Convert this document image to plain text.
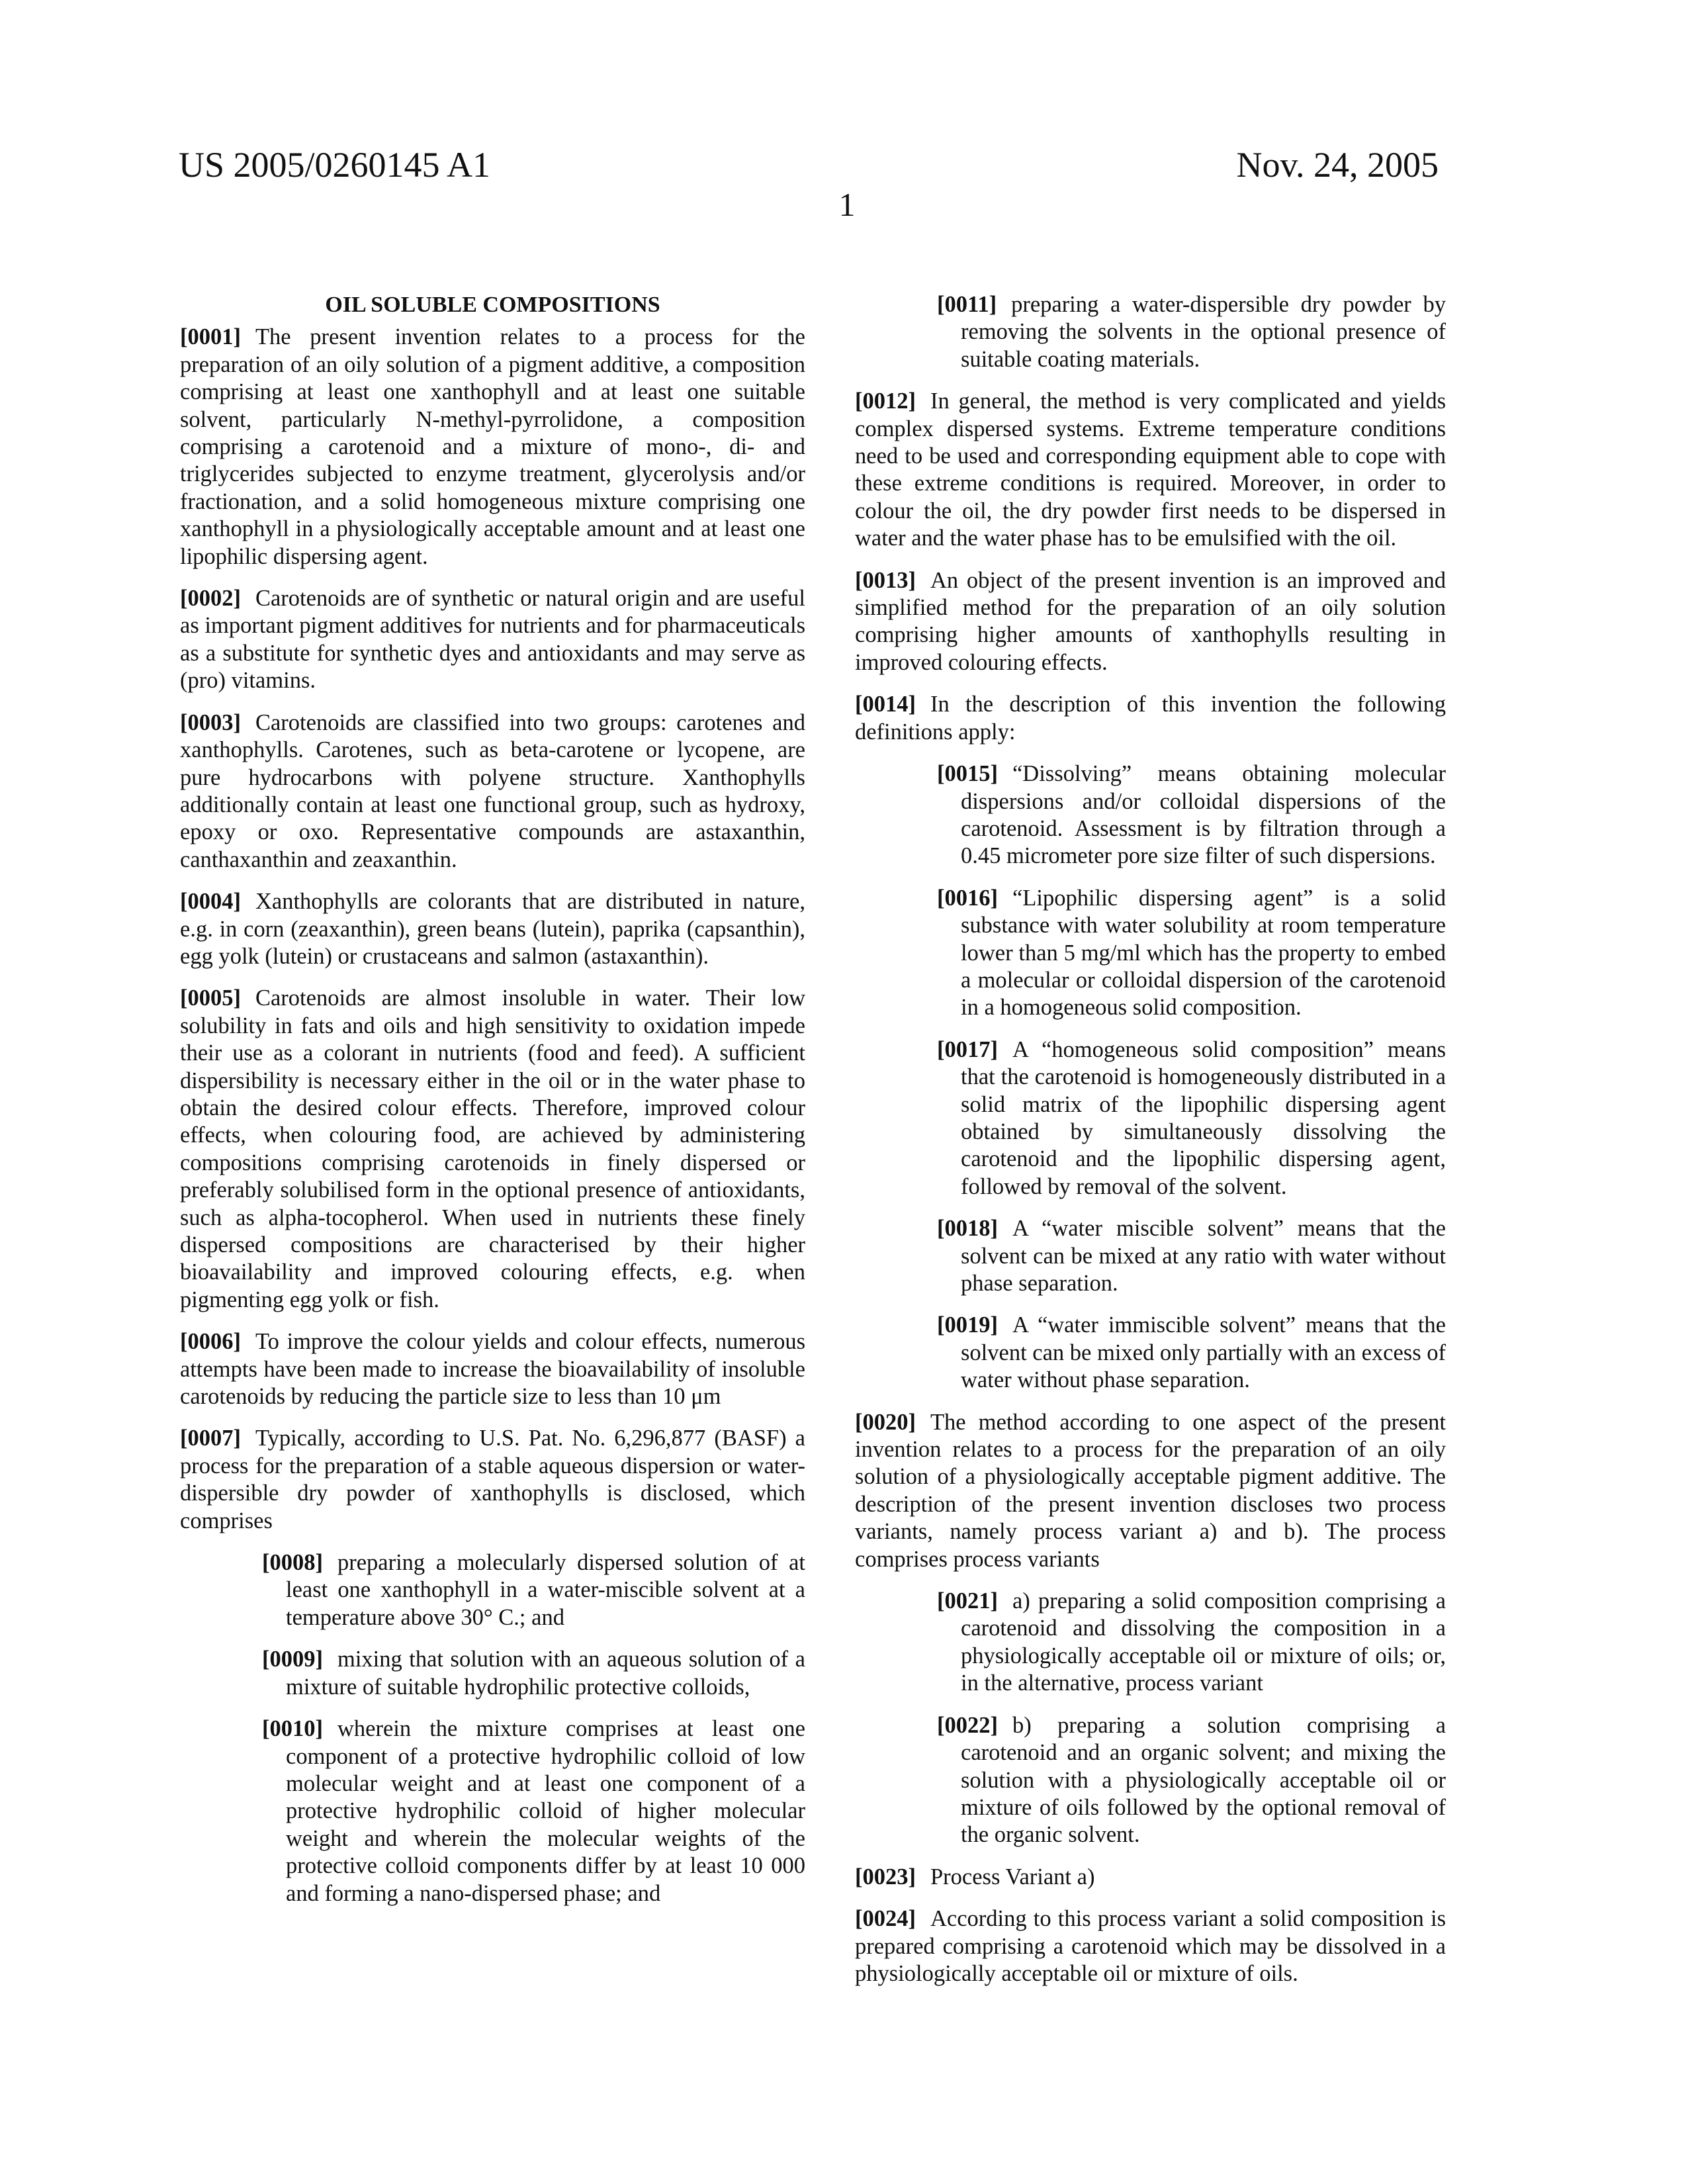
US 2005/0260145 A1	Nov. 24, 2005
1
OIL SOLUBLE COMPOSITIONS
[0001] The present invention relates to a process for the preparation of an oily solution of a pigment additive, a composition comprising at least one xanthophyll and at least one suitable solvent, particularly N-methyl-pyrrolidone, a composition comprising a carotenoid and a mixture of mono-, di- and triglycerides subjected to enzyme treatment, glycerolysis and/or fractionation, and a solid homogeneous mixture comprising one xanthophyll in a physiologically acceptable amount and at least one lipophilic dispersing agent.
[0002] Carotenoids are of synthetic or natural origin and are useful as important pigment additives for nutrients and for pharmaceuticals as a substitute for synthetic dyes and antioxidants and may serve as (pro) vitamins.
[0003] Carotenoids are classified into two groups: carotenes and xanthophylls. Carotenes, such as beta-carotene or lycopene, are pure hydrocarbons with polyene structure. Xanthophylls additionally contain at least one functional group, such as hydroxy, epoxy or oxo. Representative compounds are astaxanthin, canthaxanthin and zeaxanthin.
[0004] Xanthophylls are colorants that are distributed in nature, e.g. in corn (zeaxanthin), green beans (lutein), paprika (capsanthin), egg yolk (lutein) or crustaceans and salmon (astaxanthin).
[0005] Carotenoids are almost insoluble in water. Their low solubility in fats and oils and high sensitivity to oxidation impede their use as a colorant in nutrients (food and feed). A sufficient dispersibility is necessary either in the oil or in the water phase to obtain the desired colour effects. Therefore, improved colour effects, when colouring food, are achieved by administering compositions comprising carotenoids in finely dispersed or preferably solubilised form in the optional presence of antioxidants, such as alpha-tocopherol. When used in nutrients these finely dispersed compositions are characterised by their higher bioavailability and improved colouring effects, e.g. when pigmenting egg yolk or fish.
[0006] To improve the colour yields and colour effects, numerous attempts have been made to increase the bioavailability of insoluble carotenoids by reducing the particle size to less than 10 μm
[0007] Typically, according to U.S. Pat. No. 6,296,877 (BASF) a process for the preparation of a stable aqueous dispersion or water-dispersible dry powder of xanthophylls is disclosed, which comprises
[0008] preparing a molecularly dispersed solution of at least one xanthophyll in a water-miscible solvent at a temperature above 30° C.; and
[0009] mixing that solution with an aqueous solution of a mixture of suitable hydrophilic protective colloids,
[0010] wherein the mixture comprises at least one component of a protective hydrophilic colloid of low molecular weight and at least one component of a protective hydrophilic colloid of higher molecular weight and wherein the molecular weights of the protective colloid components differ by at least 10 000 and forming a nano-dispersed phase; and
[0011] preparing a water-dispersible dry powder by removing the solvents in the optional presence of suitable coating materials.
[0012] In general, the method is very complicated and yields complex dispersed systems. Extreme temperature conditions need to be used and corresponding equipment able to cope with these extreme conditions is required. Moreover, in order to colour the oil, the dry powder first needs to be dispersed in water and the water phase has to be emulsified with the oil.
[0013] An object of the present invention is an improved and simplified method for the preparation of an oily solution comprising higher amounts of xanthophylls resulting in improved colouring effects.
[0014] In the description of this invention the following definitions apply:
[0015] “Dissolving” means obtaining molecular dispersions and/or colloidal dispersions of the carotenoid. Assessment is by filtration through a 0.45 micrometer pore size filter of such dispersions.
[0016] “Lipophilic dispersing agent” is a solid substance with water solubility at room temperature lower than 5 mg/ml which has the property to embed a molecular or colloidal dispersion of the carotenoid in a homogeneous solid composition.
[0017] A “homogeneous solid composition” means that the carotenoid is homogeneously distributed in a solid matrix of the lipophilic dispersing agent obtained by simultaneously dissolving the carotenoid and the lipophilic dispersing agent, followed by removal of the solvent.
[0018] A “water miscible solvent” means that the solvent can be mixed at any ratio with water without phase separation.
[0019] A “water immiscible solvent” means that the solvent can be mixed only partially with an excess of water without phase separation.
[0020] The method according to one aspect of the present invention relates to a process for the preparation of an oily solution of a physiologically acceptable pigment additive. The description of the present invention discloses two process variants, namely process variant a) and b). The process comprises process variants
[0021] a) preparing a solid composition comprising a carotenoid and dissolving the composition in a physiologically acceptable oil or mixture of oils; or, in the alternative, process variant
[0022] b) preparing a solution comprising a carotenoid and an organic solvent; and mixing the solution with a physiologically acceptable oil or mixture of oils followed by the optional removal of the organic solvent.
[0023] Process Variant a)
[0024] According to this process variant a solid composition is prepared comprising a carotenoid which may be dissolved in a physiologically acceptable oil or mixture of oils.
